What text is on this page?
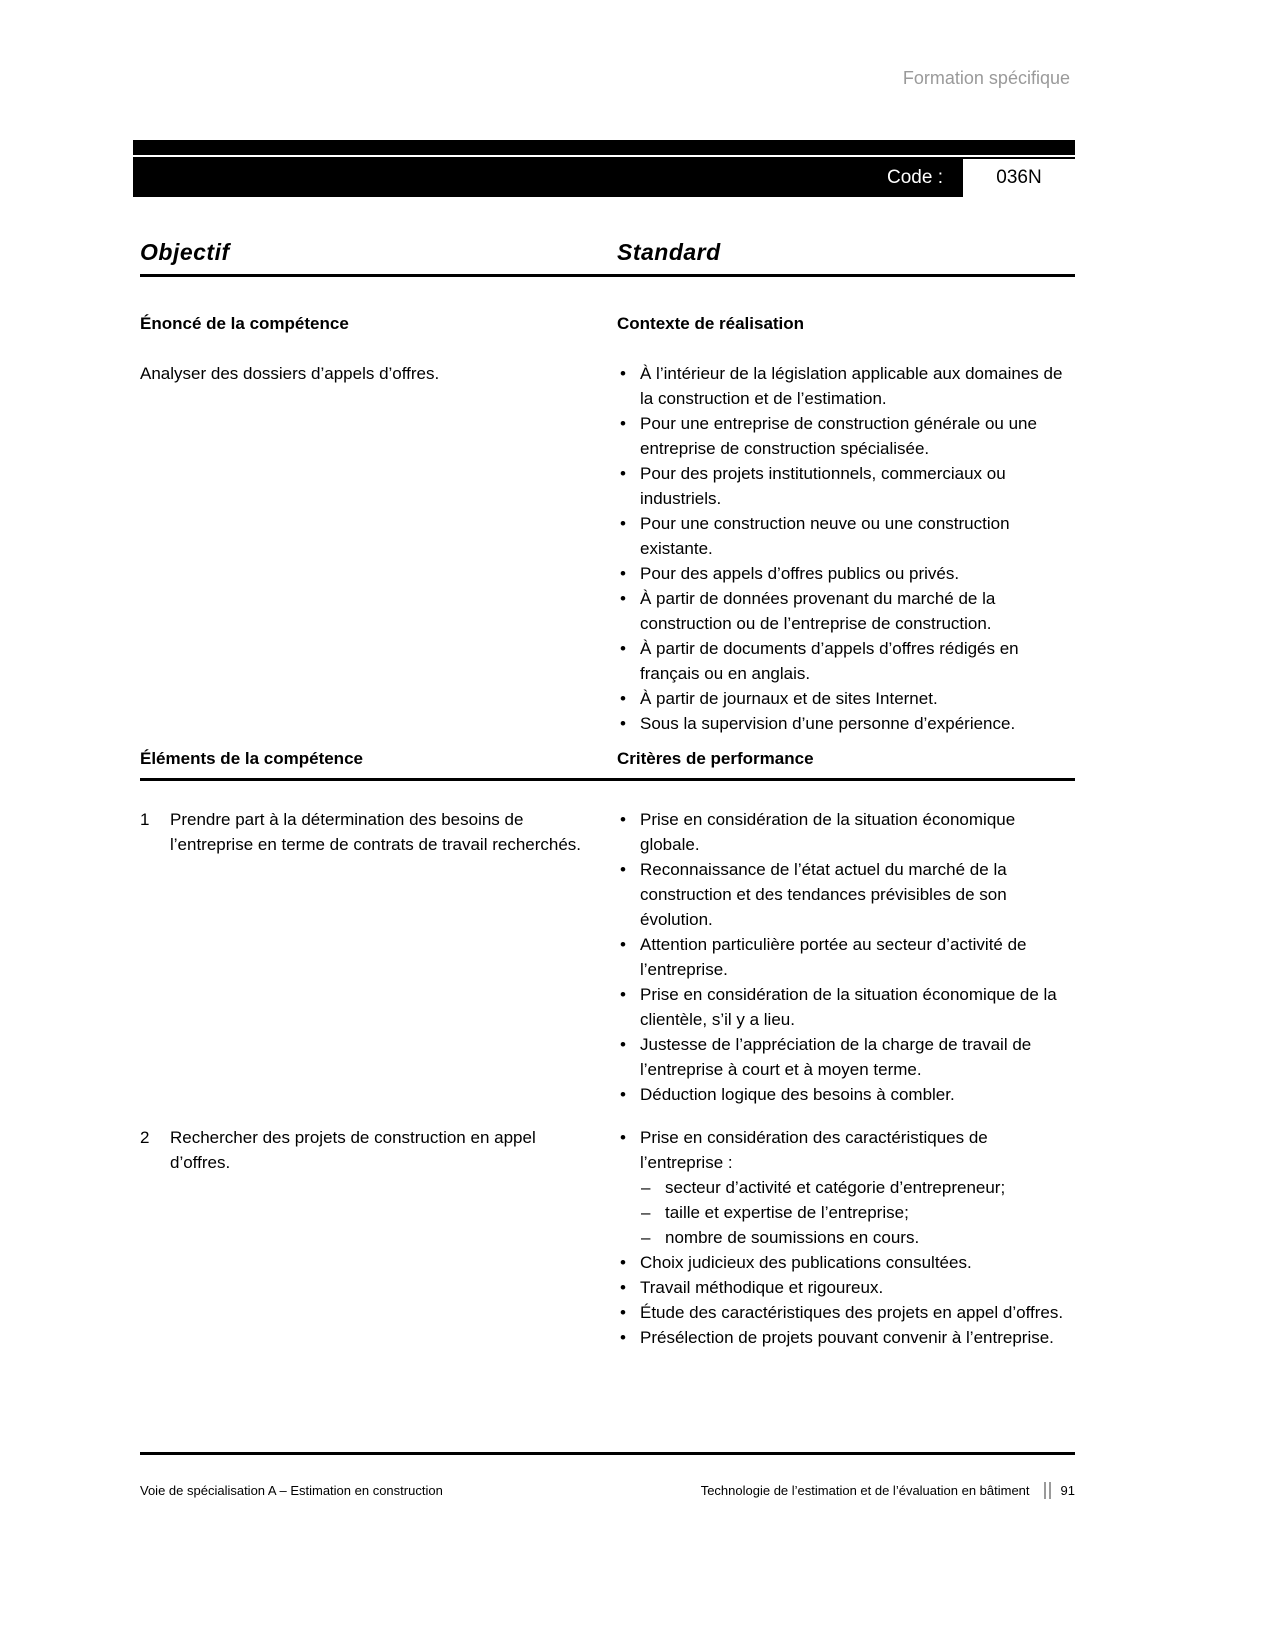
Formation spécifique
Code :	036N
Objectif	Standard
Énoncé de la compétence	Contexte de réalisation
Analyser des dossiers d’appels d’offres.	• À l’intérieur de la législation applicable aux domaines de la construction et de l’estimation.
• Pour une entreprise de construction générale ou une entreprise de construction spécialisée.
• Pour des projets institutionnels, commerciaux ou industriels.
• Pour une construction neuve ou une construction existante.
• Pour des appels d’offres publics ou privés.
• À partir de données provenant du marché de la construction ou de l’entreprise de construction.
• À partir de documents d’appels d’offres rédigés en français ou en anglais.
• À partir de journaux et de sites Internet.
• Sous la supervision d’une personne d’expérience.
Éléments de la compétence	Critères de performance
1	Prendre part à la détermination des besoins de l’entreprise en terme de contrats de travail recherchés.
• Prise en considération de la situation économique globale.
• Reconnaissance de l’état actuel du marché de la construction et des tendances prévisibles de son évolution.
• Attention particulière portée au secteur d’activité de l’entreprise.
• Prise en considération de la situation économique de la clientèle, s’il y a lieu.
• Justesse de l’appréciation de la charge de travail de l’entreprise à court et à moyen terme.
• Déduction logique des besoins à combler.
2	Rechercher des projets de construction en appel d’offres.
• Prise en considération des caractéristiques de l’entreprise :
– secteur d’activité et catégorie d’entrepreneur;
– taille et expertise de l’entreprise;
– nombre de soumissions en cours.
• Choix judicieux des publications consultées.
• Travail méthodique et rigoureux.
• Étude des caractéristiques des projets en appel d’offres.
• Présélection de projets pouvant convenir à l’entreprise.
Voie de spécialisation A – Estimation en construction	Technologie de l’estimation et de l’évaluation en bâtiment 91
